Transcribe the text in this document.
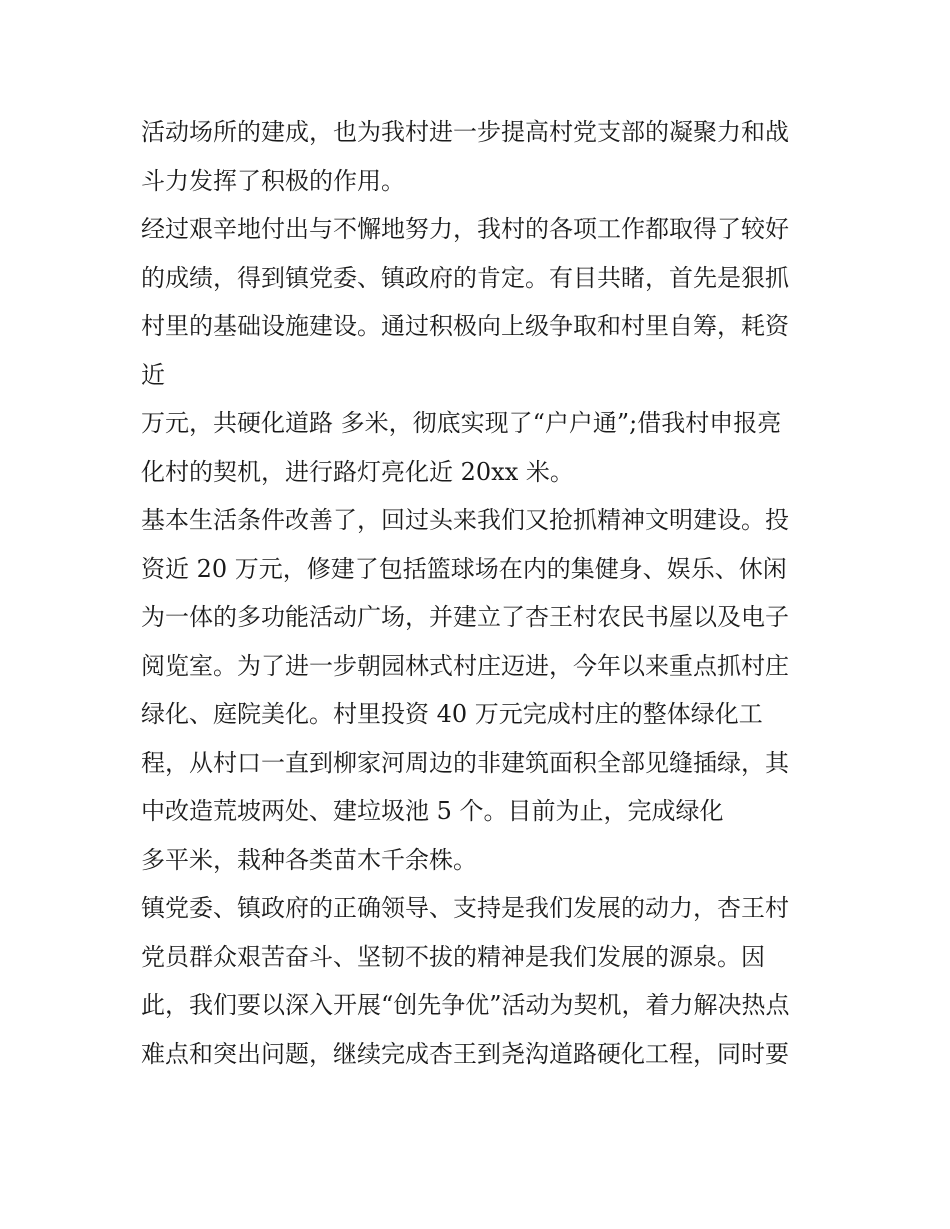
活动场所的建成，也为我村进一步提高村党支部的凝聚力和战
斗力发挥了积极的作用。
经过艰辛地付出与不懈地努力，我村的各项工作都取得了较好
的成绩，得到镇党委、镇政府的肯定。有目共睹，首先是狠抓
村里的基础设施建设。通过积极向上级争取和村里自筹，耗资
近
万元，共硬化道路 多米，彻底实现了“户户通”;借我村申报亮
化村的契机，进行路灯亮化近 20xx 米。
基本生活条件改善了，回过头来我们又抢抓精神文明建设。投
资近 20 万元，修建了包括篮球场在内的集健身、娱乐、休闲
为一体的多功能活动广场，并建立了杏王村农民书屋以及电子
阅览室。为了进一步朝园林式村庄迈进，今年以来重点抓村庄
绿化、庭院美化。村里投资 40 万元完成村庄的整体绿化工
程，从村口一直到柳家河周边的非建筑面积全部见缝插绿，其
中改造荒坡两处、建垃圾池 5 个。目前为止，完成绿化
多平米，栽种各类苗木千余株。
镇党委、镇政府的正确领导、支持是我们发展的动力，杏王村
党员群众艰苦奋斗、坚韧不拔的精神是我们发展的源泉。因
此，我们要以深入开展“创先争优”活动为契机，着力解决热点
难点和突出问题，继续完成杏王到尧沟道路硬化工程，同时要
